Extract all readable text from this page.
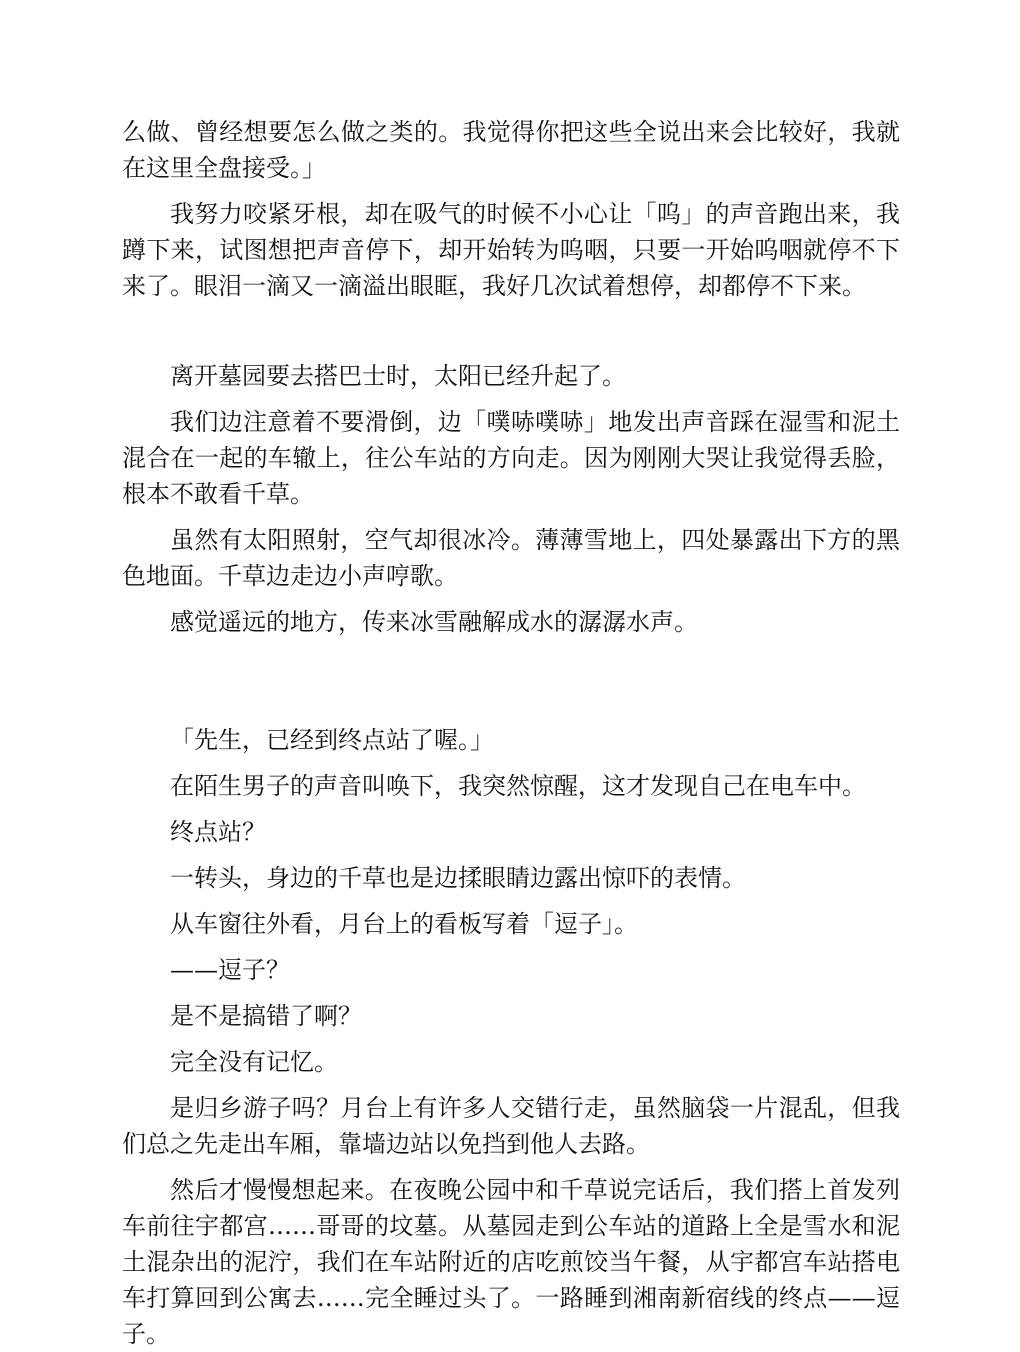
么做、曾经想要怎么做之类的。我觉得你把这些全说出来会比较好，我就在这里全盘接受。」

我努力咬紧牙根，却在吸气的时候不小心让「呜」的声音跑出来，我蹲下来，试图想把声音停下，却开始转为呜咽，只要一开始呜咽就停不下来了。眼泪一滴又一滴溢出眼眶，我好几次试着想停，却都停不下来。

离开墓园要去搭巴士时，太阳已经升起了。

我们边注意着不要滑倒，边「噗哧噗哧」地发出声音踩在湿雪和泥土混合在一起的车辙上，往公车站的方向走。因为刚刚大哭让我觉得丢脸，根本不敢看千草。

虽然有太阳照射，空气却很冰冷。薄薄雪地上，四处暴露出下方的黑色地面。千草边走边小声哼歌。

感觉遥远的地方，传来冰雪融解成水的潺潺水声。

「先生，已经到终点站了喔。」

在陌生男子的声音叫唤下，我突然惊醒，这才发现自己在电车中。

终点站？

一转头，身边的千草也是边揉眼睛边露出惊吓的表情。

从车窗往外看，月台上的看板写着「逗子」。

——逗子？

是不是搞错了啊？

完全没有记忆。

是归乡游子吗？月台上有许多人交错行走，虽然脑袋一片混乱，但我们总之先走出车厢，靠墙边站以免挡到他人去路。

然后才慢慢想起来。在夜晚公园中和千草说完话后，我们搭上首发列车前往宇都宫……哥哥的坟墓。从墓园走到公车站的道路上全是雪水和泥土混杂出的泥泞，我们在车站附近的店吃煎饺当午餐，从宇都宫车站搭电车打算回到公寓去……完全睡过头了。一路睡到湘南新宿线的终点——逗子。
